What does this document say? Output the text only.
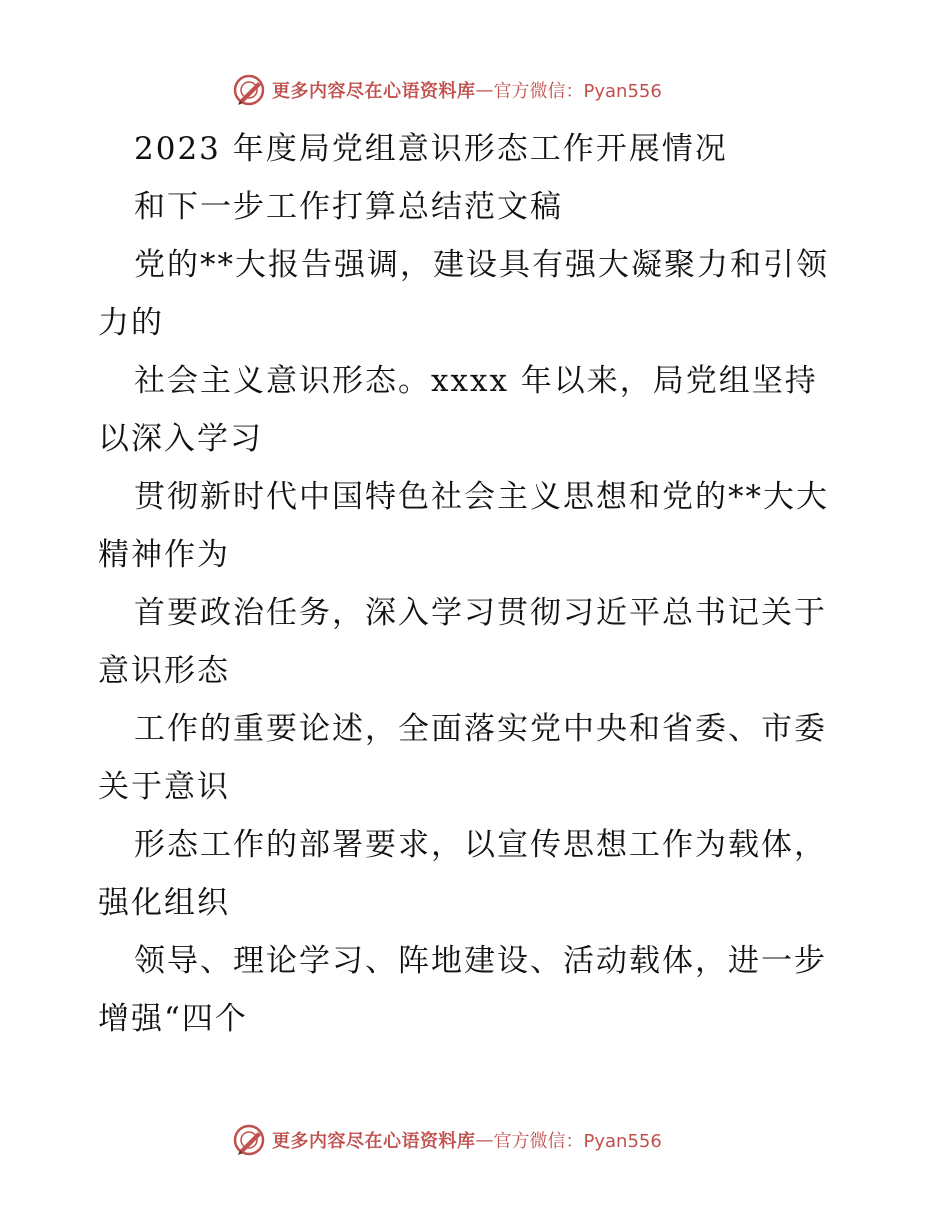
更多内容尽在心语资料库 — 官方微信：Pyan556
2023 年度局党组意识形态工作开展情况
和下一步工作打算总结范文稿
党的**大报告强调，建设具有强大凝聚力和引领
力的
社会主义意识形态。xxxx 年以来，局党组坚持
以深入学习
贯彻新时代中国特色社会主义思想和党的**大大
精神作为
首要政治任务，深入学习贯彻习近平总书记关于
意识形态
工作的重要论述，全面落实党中央和省委、市委
关于意识
形态工作的部署要求，以宣传思想工作为载体，
强化组织
领导、理论学习、阵地建设、活动载体，进一步
增强“四个
更多内容尽在心语资料库 — 官方微信：Pyan556
